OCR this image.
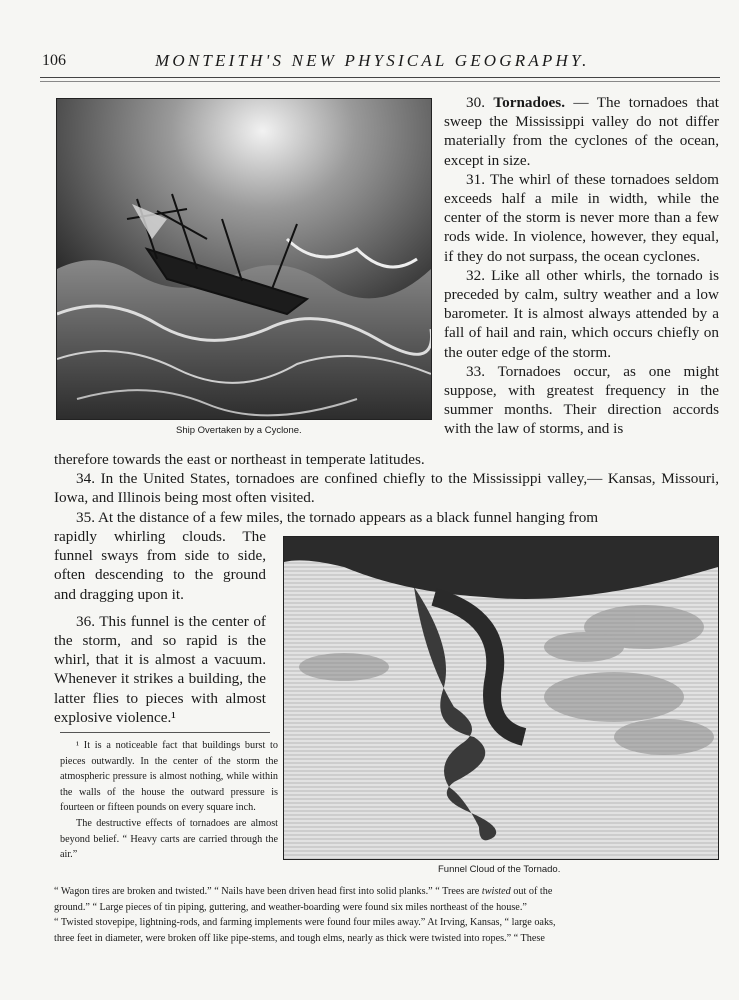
106	MONTEITH'S NEW PHYSICAL GEOGRAPHY.
Ship Overtaken by a Cyclone.

30. Tornadoes. — The tornadoes that sweep the Mississippi valley do not differ materially from the cyclones of the ocean, except in size.

31. The whirl of these tornadoes seldom exceeds half a mile in width, while the center of the storm is never more than a few rods wide. In violence, however, they equal, if they do not surpass, the ocean cyclones.

32. Like all other whirls, the tornado is preceded by calm, sultry weather and a low barometer. It is almost always attended by a fall of hail and rain, which occurs chiefly on the outer edge of the storm.

33. Tornadoes occur, as one might suppose, with greatest frequency in the summer months. Their direction accords with the law of storms, and is

therefore towards the east or northeast in temperate latitudes.

34. In the United States, tornadoes are confined chiefly to the Mississippi valley,— Kansas, Missouri, Iowa, and Illinois being most often visited.

35. At the distance of a few miles, the tornado appears as a black funnel hanging from

rapidly whirling clouds. The funnel sways from side to side, often descending to the ground and dragging upon it.

36. This funnel is the center of the storm, and so rapid is the whirl, that it is almost a vacuum. Whenever it strikes a building, the latter flies to pieces with almost explosive violence.¹

Funnel Cloud of the Tornado.

¹ It is a noticeable fact that buildings burst to pieces outwardly. In the center of the storm the atmospheric pressure is almost nothing, while within the walls of the house the outward pressure is fourteen or fifteen pounds on every square inch.

The destructive effects of tornadoes are almost beyond belief. “ Heavy carts are carried through the air.”

“ Wagon tires are broken and twisted.” “ Nails have been driven head first into solid planks.” “ Trees are twisted out of the
ground.” “ Large pieces of tin piping, guttering, and weather-boarding were found six miles northeast of the house.”
“ Twisted stovepipe, lightning-rods, and farming implements were found four miles away.” At Irving, Kansas, “ large oaks,
three feet in diameter, were broken off like pipe-stems, and tough elms, nearly as thick were twisted into ropes.” “ These
